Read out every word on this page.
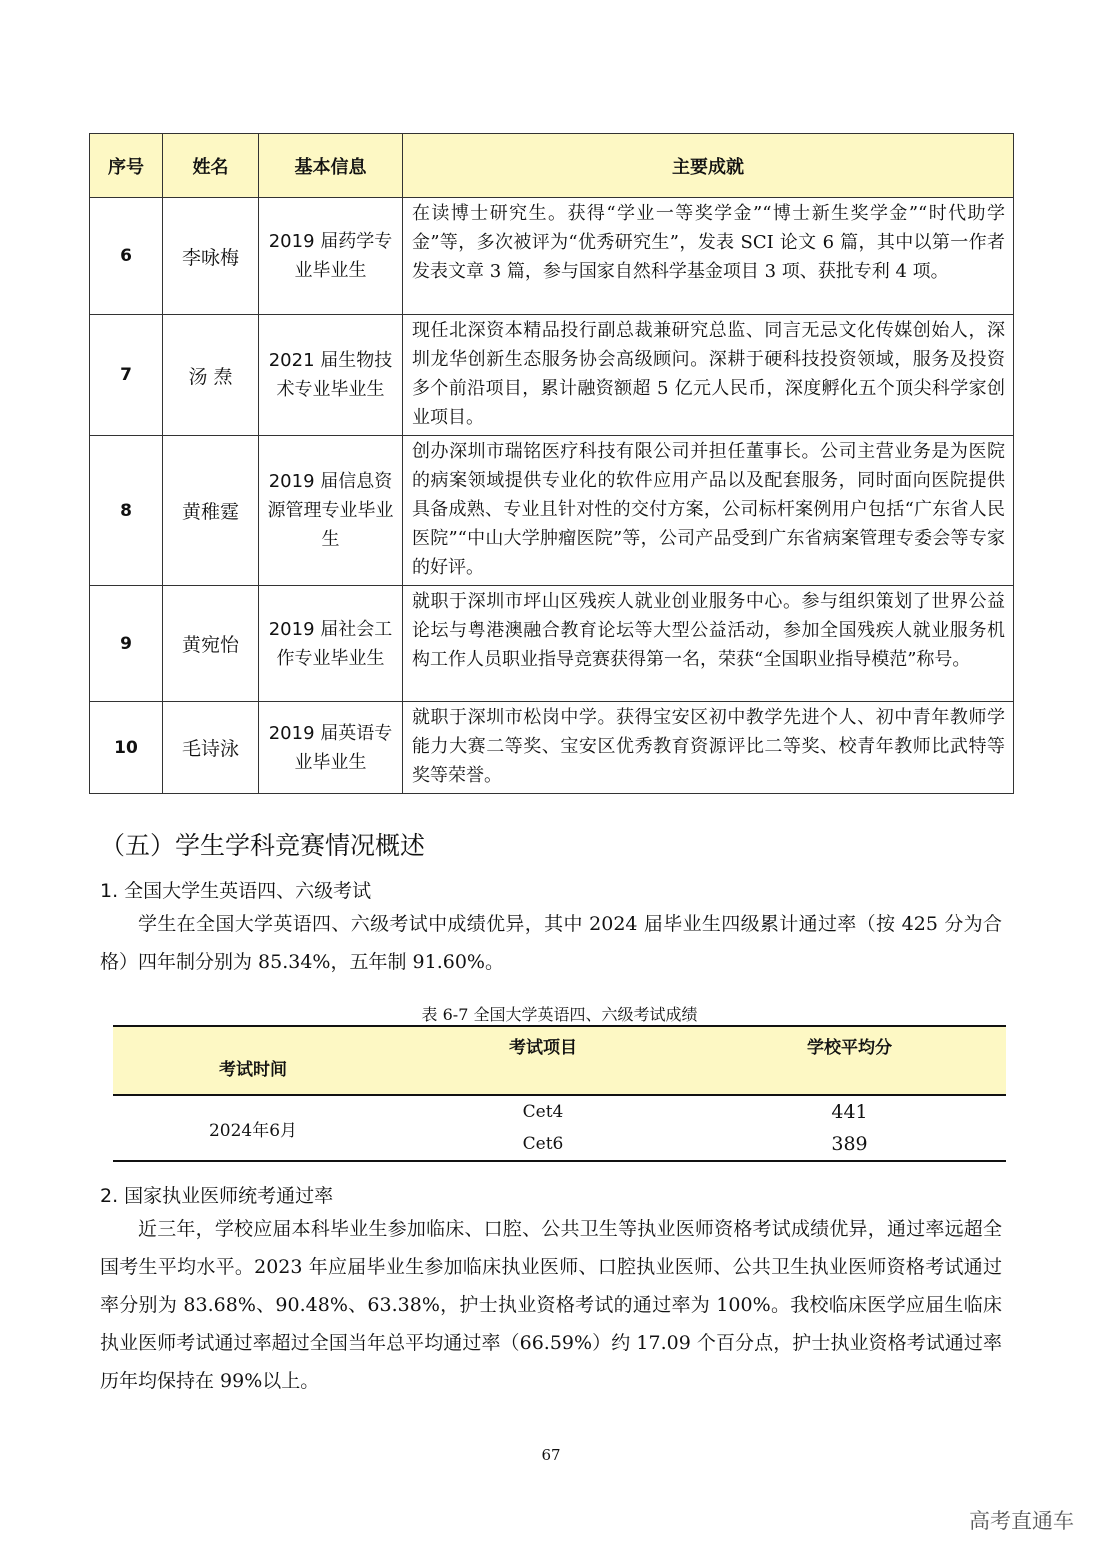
序号	姓名	基本信息	主要成就
6	李咏梅	2019 届药学专业毕业生	在读博士研究生。获得“学业一等奖学金”“博士新生奖学金”“时代助学金”等，多次被评为“优秀研究生”，发表 SCI 论文 6 篇，其中以第一作者发表文章 3 篇，参与国家自然科学基金项目 3 项、获批专利 4 项。
7	汤 焘	2021 届生物技术专业毕业生	现任北深资本精品投行副总裁兼研究总监、同言无忌文化传媒创始人，深圳龙华创新生态服务协会高级顾问。深耕于硬科技投资领域，服务及投资多个前沿项目，累计融资额超 5 亿元人民币，深度孵化五个顶尖科学家创业项目。
8	黄稚霆	2019 届信息资源管理专业毕业生	创办深圳市瑞铭医疗科技有限公司并担任董事长。公司主营业务是为医院的病案领域提供专业化的软件应用产品以及配套服务，同时面向医院提供具备成熟、专业且针对性的交付方案，公司标杆案例用户包括“广东省人民医院”“中山大学肿瘤医院”等，公司产品受到广东省病案管理专委会等专家的好评。
9	黄宛怡	2019 届社会工作专业毕业生	就职于深圳市坪山区残疾人就业创业服务中心。参与组织策划了世界公益论坛与粤港澳融合教育论坛等大型公益活动，参加全国残疾人就业服务机构工作人员职业指导竞赛获得第一名，荣获“全国职业指导模范”称号。
10	毛诗泳	2019 届英语专业毕业生	就职于深圳市松岗中学。获得宝安区初中教学先进个人、初中青年教师学能力大赛二等奖、宝安区优秀教育资源评比二等奖、校青年教师比武特等奖等荣誉。
（五）学生学科竞赛情况概述
1. 全国大学生英语四、六级考试

学生在全国大学英语四、六级考试中成绩优异，其中 2024 届毕业生四级累计通过率（按 425 分为合格）四年制分别为 85.34%，五年制 91.60%。

表 6-7 全国大学英语四、六级考试成绩
考试时间	考试项目	学校平均分
2024年6月	Cet4	441
	Cet6	389
2. 国家执业医师统考通过率

近三年，学校应届本科毕业生参加临床、口腔、公共卫生等执业医师资格考试成绩优异，通过率远超全国考生平均水平。2023 年应届毕业生参加临床执业医师、口腔执业医师、公共卫生执业医师资格考试通过率分别为 83.68%、90.48%、63.38%，护士执业资格考试的通过率为 100%。我校临床医学应届生临床执业医师考试通过率超过全国当年总平均通过率（66.59%）约 17.09 个百分点，护士执业资格考试通过率历年均保持在 99%以上。

67
高考直通车
